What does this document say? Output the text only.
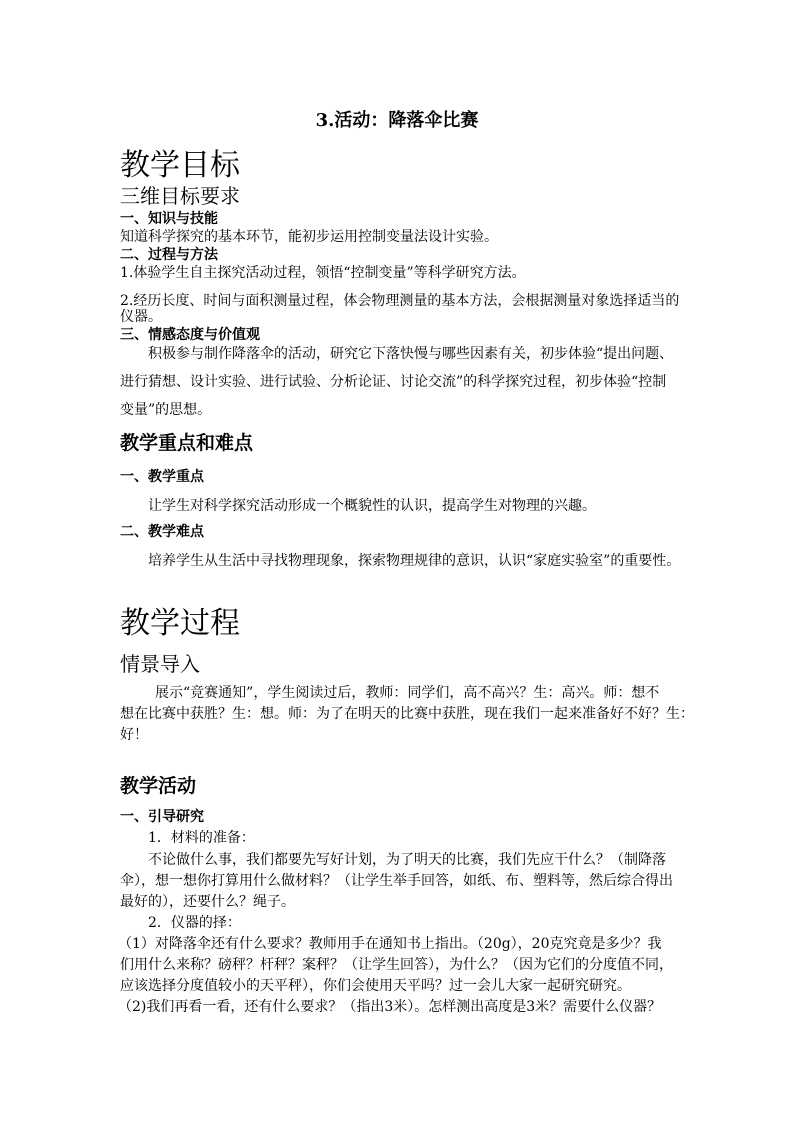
3.活动：降落伞比赛
教学目标
三维目标要求
一、知识与技能
知道科学探究的基本环节，能初步运用控制变量法设计实验。
二、过程与方法
1.体验学生自主探究活动过程，领悟“控制变量”等科学研究方法。
2.经历长度、时间与面积测量过程，体会物理测量的基本方法，会根据测量对象选择适当的
仪器。
三、情感态度与价值观
积极参与制作降落伞的活动，研究它下落快慢与哪些因素有关，初步体验“提出问题、
进行猜想、设计实验、进行试验、分析论证、讨论交流”的科学探究过程，初步体验“控制
变量”的思想。
教学重点和难点
一、教学重点
让学生对科学探究活动形成一个概貌性的认识，提高学生对物理的兴趣。
二、教学难点
培养学生从生活中寻找物理现象，探索物理规律的意识，认识“家庭实验室”的重要性。
教学过程
情景导入
展示“竞赛通知”，学生阅读过后，教师：同学们，高不高兴？生：高兴。师：想不
想在比赛中获胜？生：想。师：为了在明天的比赛中获胜，现在我们一起来准备好不好？生：
好！
教学活动
一、引导研究
1．材料的准备：
不论做什么事，我们都要先写好计划，为了明天的比赛，我们先应干什么？（制降落
伞），想一想你打算用什么做材料？（让学生举手回答，如纸、布、塑料等，然后综合得出
最好的），还要什么？绳子。
2．仪器的择：
（1）对降落伞还有什么要求？教师用手在通知书上指出。（20g），20克究竟是多少？我
们用什么来称？磅秤？杆秤？案秤？（让学生回答），为什么？（因为它们的分度值不同，
应该选择分度值较小的天平秤），你们会使用天平吗？过一会儿大家一起研究研究。
（2)我们再看一看，还有什么要求？（指出3米）。怎样测出高度是3米？需要什么仪器？
